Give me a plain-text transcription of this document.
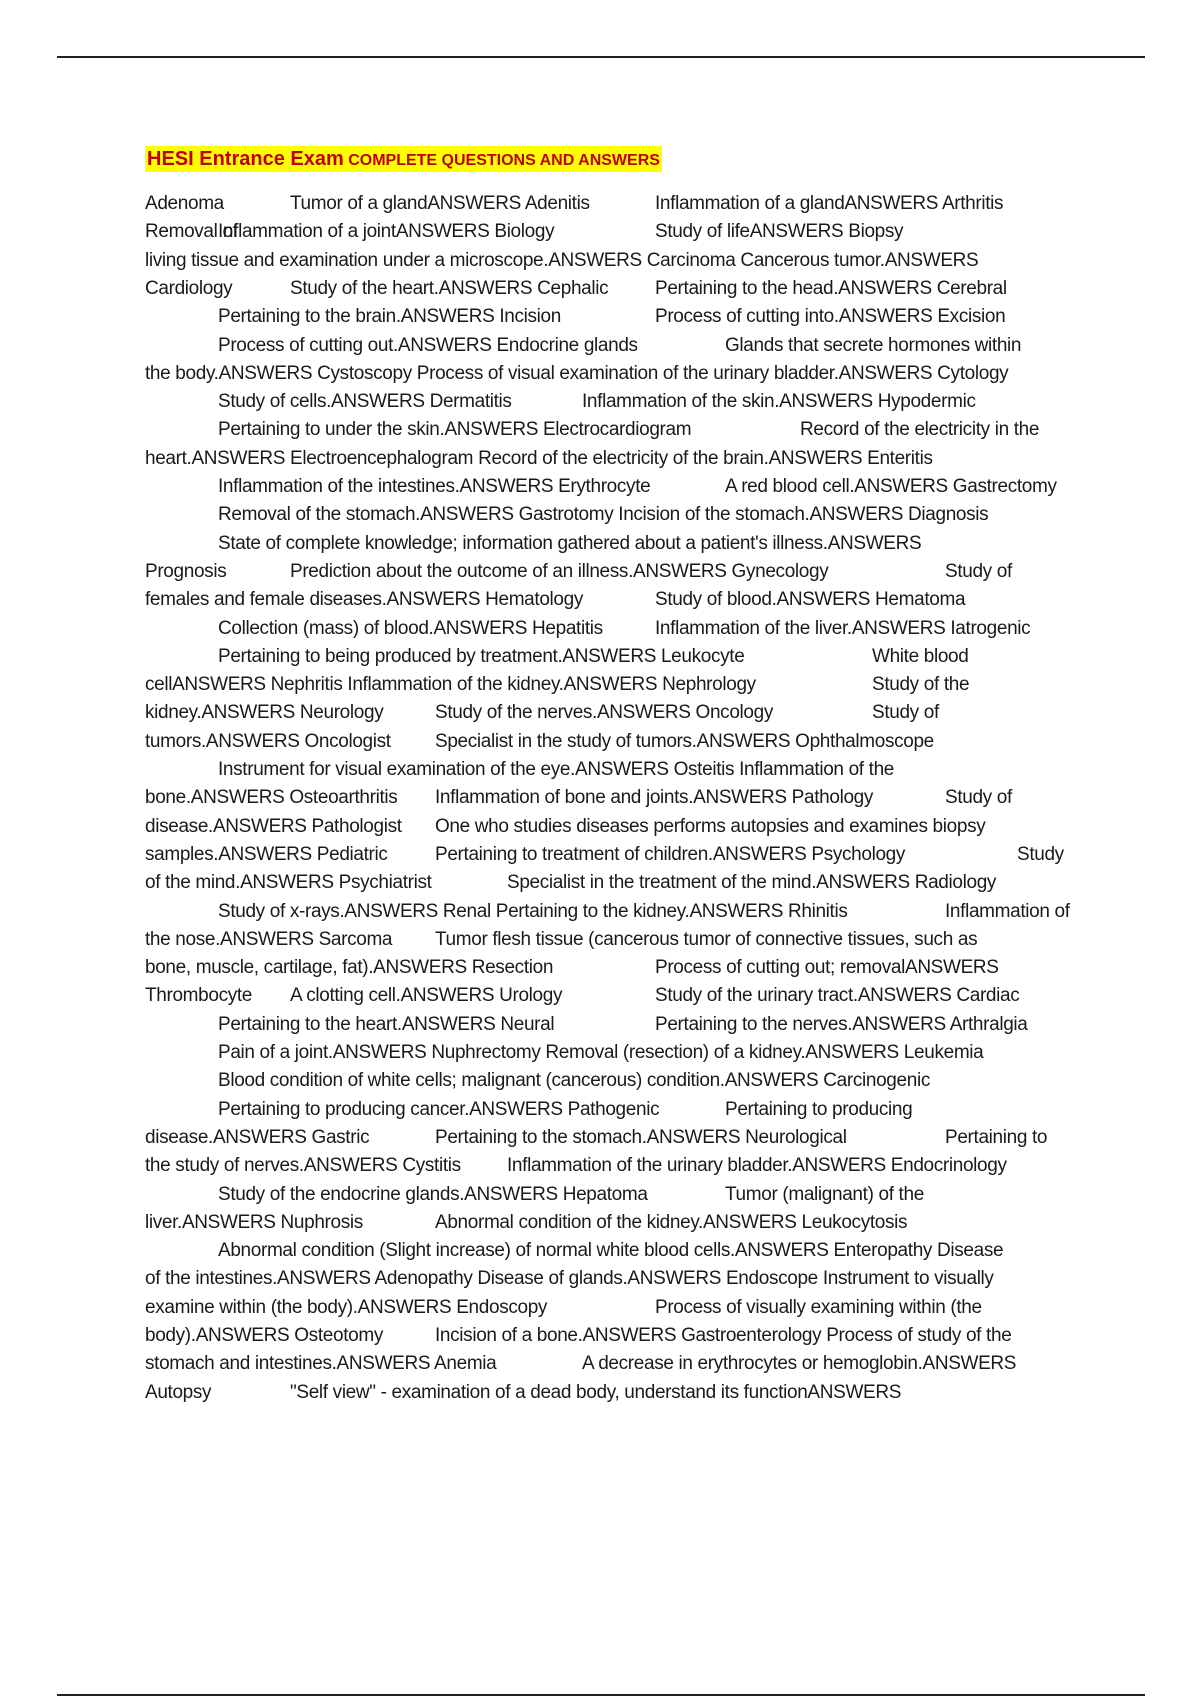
HESI Entrance Exam COMPLETE QUESTIONS AND ANSWERS
Adenoma	Tumor of a glandANSWERS Adenitis	Inflammation of a glandANSWERS Arthritis
Inflammation of a jointANSWERS Biology	Study of lifeANSWERS Biopsy
Removal of
living tissue and examination under a microscope.ANSWERS Carcinoma Cancerous tumor.ANSWERS
Cardiology	Study of the heart.ANSWERS Cephalic Pertaining to the head.ANSWERS Cerebral
Pertaining to the brain.ANSWERS Incision	Process of cutting into.ANSWERS Excision
Process of cutting out.ANSWERS Endocrine glands	Glands that secrete hormones within
the body.ANSWERS Cystoscopy Process of visual examination of the urinary bladder.ANSWERS Cytology
Study of cells.ANSWERS Dermatitis	Inflammation of the skin.ANSWERS Hypodermic
Pertaining to under the skin.ANSWERS Electrocardiogram	Record of the electricity in the
heart.ANSWERS Electroencephalogram Record of the electricity of the brain.ANSWERS Enteritis
Inflammation of the intestines.ANSWERS Erythrocyte	A red blood cell.ANSWERS Gastrectomy
Removal of the stomach.ANSWERS Gastrotomy Incision of the stomach.ANSWERS Diagnosis
State of complete knowledge; information gathered about a patient's illness.ANSWERS
Prognosis	Prediction about the outcome of an illness.ANSWERS Gynecology	Study of
females and female diseases.ANSWERS Hematology	Study of blood.ANSWERS Hematoma
Collection (mass) of blood.ANSWERS Hepatitis	Inflammation of the liver.ANSWERS Iatrogenic
Pertaining to being produced by treatment.ANSWERS Leukocyte	White blood
cellANSWERS Nephritis Inflammation of the kidney.ANSWERS Nephrology	Study of the
kidney.ANSWERS Neurology	Study of the nerves.ANSWERS Oncology	Study of
tumors.ANSWERS Oncologist Specialist in the study of tumors.ANSWERS Ophthalmoscope
Instrument for visual examination of the eye.ANSWERS Osteitis Inflammation of the
bone.ANSWERS Osteoarthritis Inflammation of bone and joints.ANSWERS Pathology	Study of
disease.ANSWERS Pathologist One who studies diseases performs autopsies and examines biopsy
samples.ANSWERS Pediatric Pertaining to treatment of children.ANSWERS Psychology	Study
of the mind.ANSWERS Psychiatrist	Specialist in the treatment of the mind.ANSWERS Radiology
Study of x-rays.ANSWERS Renal Pertaining to the kidney.ANSWERS Rhinitis	Inflammation of
the nose.ANSWERS Sarcoma Tumor flesh tissue (cancerous tumor of connective tissues, such as
bone, muscle, cartilage, fat).ANSWERS Resection	Process of cutting out; removalANSWERS
Thrombocyte A clotting cell.ANSWERS Urology	Study of the urinary tract.ANSWERS Cardiac
Pertaining to the heart.ANSWERS Neural	Pertaining to the nerves.ANSWERS Arthralgia
Pain of a joint.ANSWERS Nuphrectomy Removal (resection) of a kidney.ANSWERS Leukemia
Blood condition of white cells; malignant (cancerous) condition.ANSWERS Carcinogenic
Pertaining to producing cancer.ANSWERS Pathogenic	Pertaining to producing
disease.ANSWERS Gastric	Pertaining to the stomach.ANSWERS Neurological	Pertaining to
the study of nerves.ANSWERS Cystitis Inflammation of the urinary bladder.ANSWERS Endocrinology
Study of the endocrine glands.ANSWERS Hepatoma	Tumor (malignant) of the
liver.ANSWERS Nuphrosis	Abnormal condition of the kidney.ANSWERS Leukocytosis
Abnormal condition (Slight increase) of normal white blood cells.ANSWERS Enteropathy Disease
of the intestines.ANSWERS Adenopathy Disease of glands.ANSWERS Endoscope Instrument to visually
examine within (the body).ANSWERS Endoscopy	Process of visually examining within (the
body).ANSWERS Osteotomy	Incision of a bone.ANSWERS Gastroenterology Process of study of the
stomach and intestines.ANSWERS Anemia	A decrease in erythrocytes or hemoglobin.ANSWERS
Autopsy	"Self view" - examination of a dead body, understand its functionANSWERS
